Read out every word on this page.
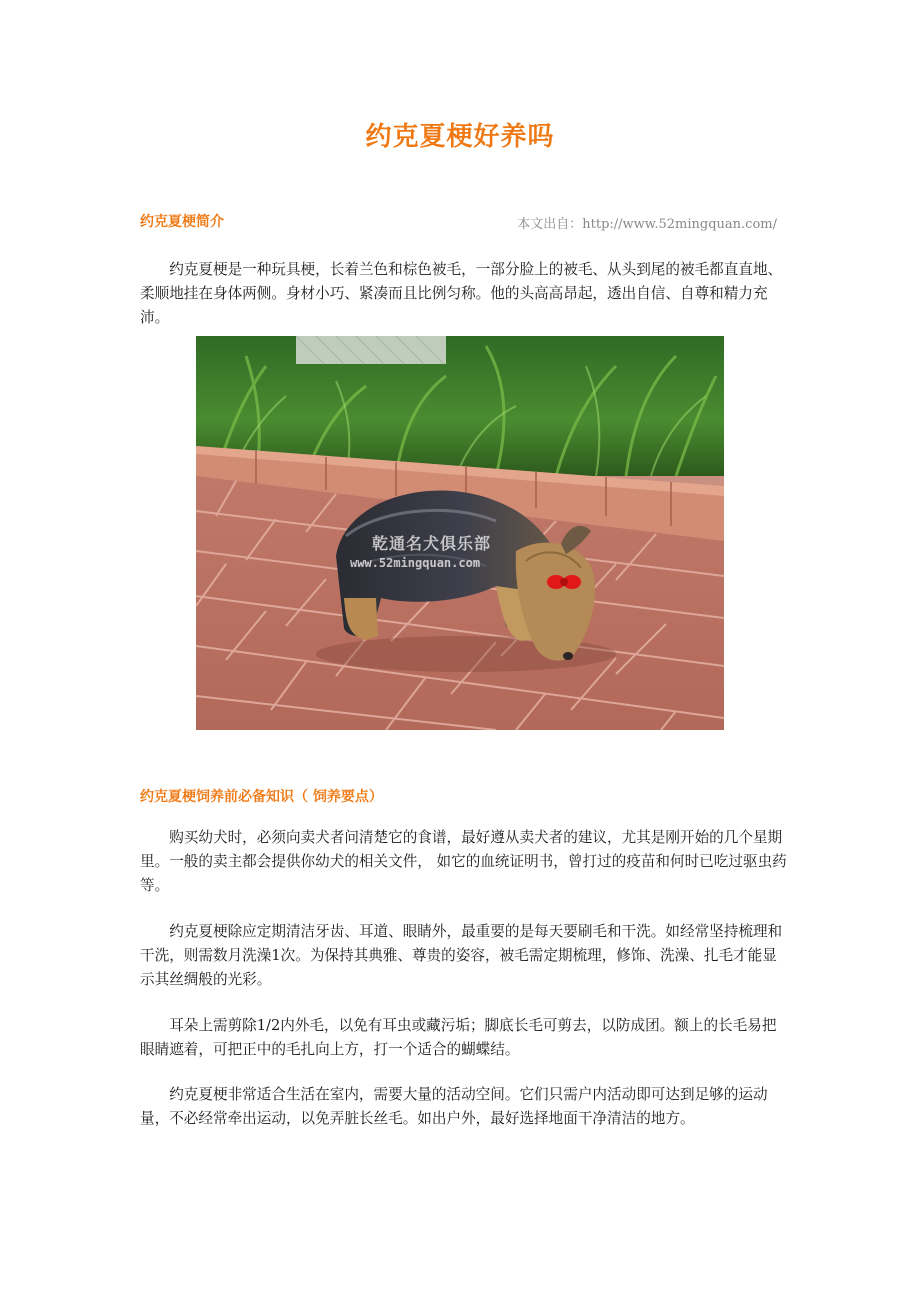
约克夏梗好养吗
约克夏梗简介	本文出自：http://www.52mingquan.com/
约克夏梗是一种玩具梗，长着兰色和棕色被毛，一部分脸上的被毛、从头到尾的被毛都直直地、柔顺地挂在身体两侧。身材小巧、紧凑而且比例匀称。他的头高高昂起，透出自信、自尊和精力充沛。
乾通名犬俱乐部
www.52mingquan.com
约克夏梗饲养前必备知识（ 饲养要点）
购买幼犬时，必须向卖犬者问清楚它的食谱，最好遵从卖犬者的建议，尤其是刚开始的几个星期里。一般的卖主都会提供你幼犬的相关文件， 如它的血统证明书，曾打过的疫苗和何时已吃过驱虫药等。
约克夏梗除应定期清洁牙齿、耳道、眼睛外，最重要的是每天要刷毛和干洗。如经常坚持梳理和干洗，则需数月洗澡1次。为保持其典雅、尊贵的姿容，被毛需定期梳理，修饰、洗澡、扎毛才能显示其丝绸般的光彩。
耳朵上需剪除1/2内外毛，以免有耳虫或藏污垢；脚底长毛可剪去，以防成团。额上的长毛易把眼睛遮着，可把正中的毛扎向上方，打一个适合的蝴蝶结。
约克夏梗非常适合生活在室内，需要大量的活动空间。它们只需户内活动即可达到足够的运动量，不必经常牵出运动，以免弄脏长丝毛。如出户外，最好选择地面干净清洁的地方。
